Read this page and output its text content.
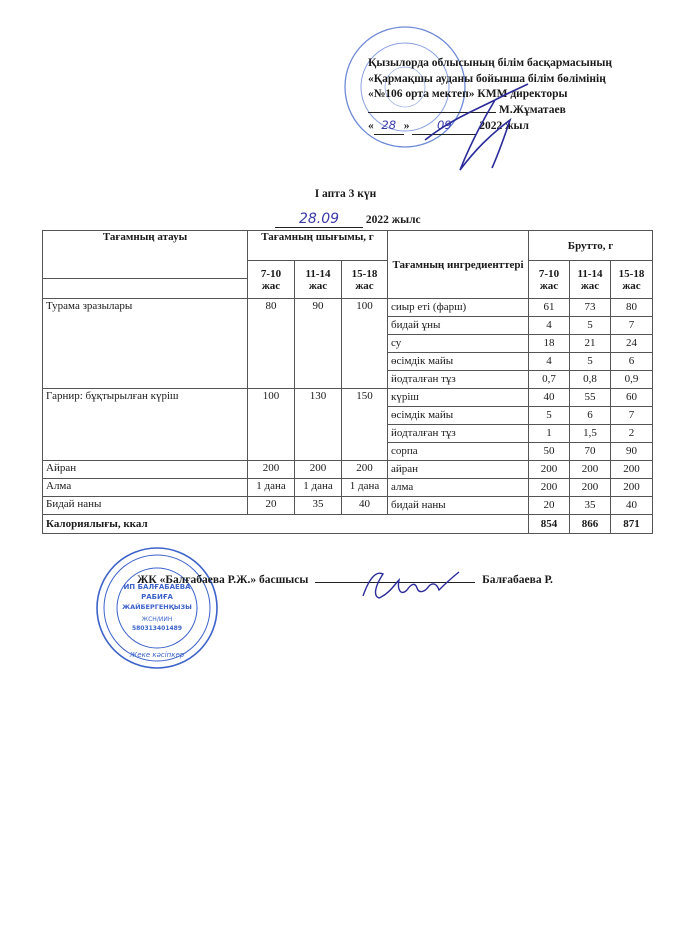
Қызылорда облысының білім басқармасының
«Қармақшы ауданы бойынша білім бөлімінің
«№106 орта мектеп» КММ директоры
М.Жұматаев
« 28 » 09 2022 жыл
I апта 3 күн
28.09 2022 жылс
Тағамның атауы	Тағамның шығымы, г			Тағамның ингредиенттері	Брутто, г		
	7-10 жас	11-14 жас	15-18 жас		7-10 жас	11-14 жас	15-18 жас

Турама зразылары	80	90	100	сиыр еті (фарш)	61	73	80
				бидай ұны	4	5	7
				су	18	21	24
				өсімдік майы	4	5	6
				йодталған тұз	0,7	0,8	0,9
Гарнир: бұқтырылған күріш	100	130	150	күріш	40	55	60
				өсімдік майы	5	6	7
				йодталған тұз	1	1,5	2
				сорпа	50	70	90
Айран	200	200	200	айран	200	200	200
Алма	1 дана	1 дана	1 дана	алма	200	200	200
Бидай наны	20	35	40	бидай наны	20	35	40
Калориялығы, ккал					854	866	871
ИП БАЛҒАБАЕВА
РАБИҒА
ЖАЙБЕРГЕНҚЫЗЫ
ЖСН/ИИН
580313401489
Жеке кәсіпкер
ЖК «Балғабаева Р.Ж.» басшысы	Балғабаева Р.
